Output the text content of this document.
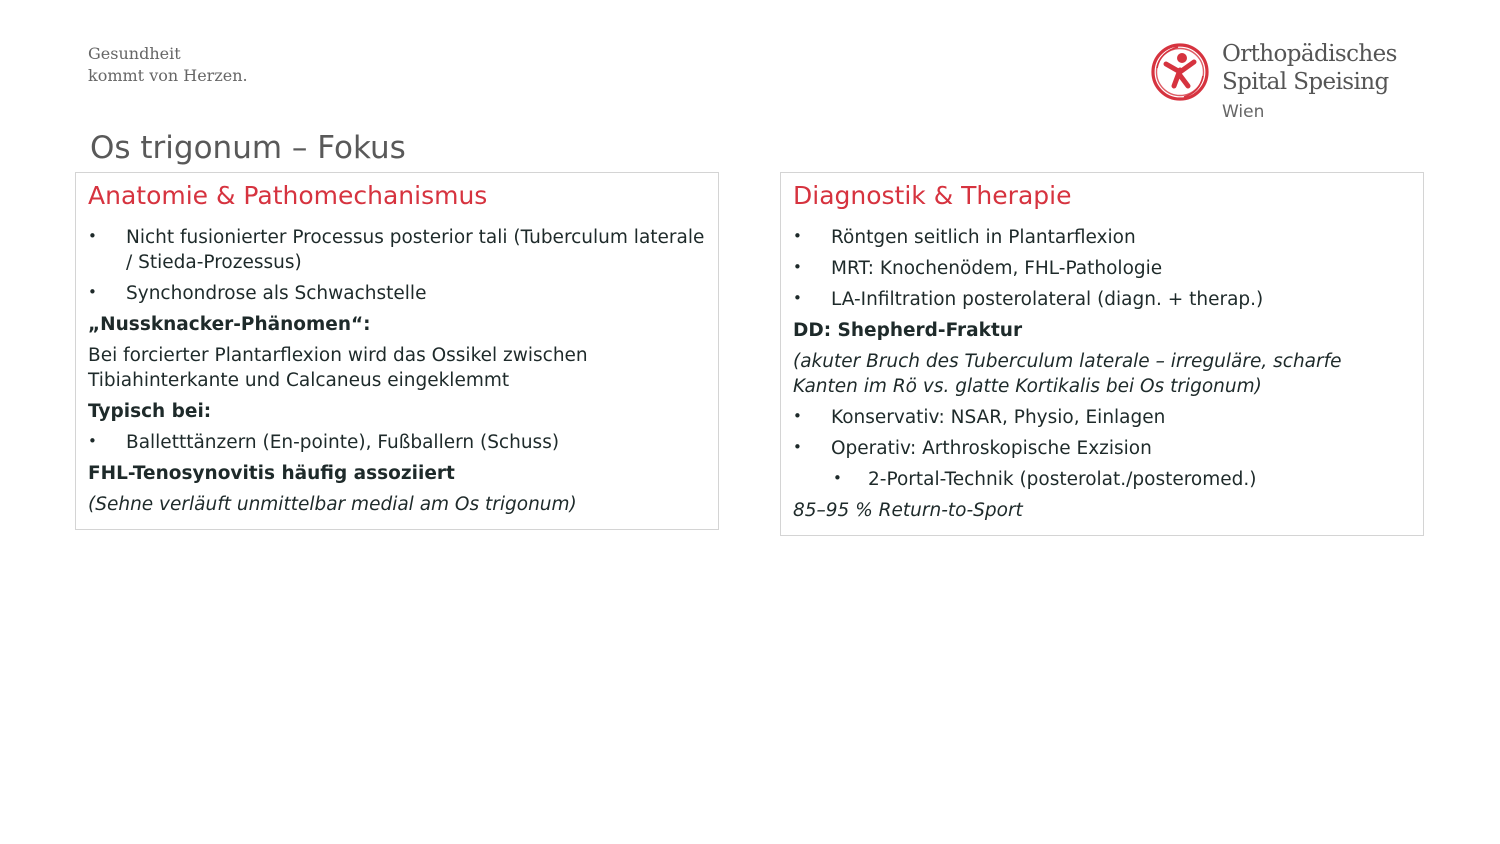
Gesundheit
kommt von Herzen.
Orthopädisches
Spital Speising
Wien
Os trigonum – Fokus
Anatomie & Pathomechanismus
• Nicht fusionierter Processus posterior tali (Tuberculum laterale / Stieda-Prozessus)
• Synchondrose als Schwachstelle
„Nussknacker-Phänomen“:
Bei forcierter Plantarflexion wird das Ossikel zwischen Tibiahinterkante und Calcaneus eingeklemmt
Typisch bei:
• Balletttänzern (En-pointe), Fußballern (Schuss)
FHL-Tenosynovitis häufig assoziiert
(Sehne verläuft unmittelbar medial am Os trigonum)
Diagnostik & Therapie
• Röntgen seitlich in Plantarflexion
• MRT: Knochenödem, FHL-Pathologie
• LA-Infiltration posterolateral (diagn. + therap.)
DD: Shepherd-Fraktur
(akuter Bruch des Tuberculum laterale – irreguläre, scharfe Kanten im Rö vs. glatte Kortikalis bei Os trigonum)
• Konservativ: NSAR, Physio, Einlagen
• Operativ: Arthroskopische Exzision
• 2-Portal-Technik (posterolat./posteromed.)
85–95 % Return-to-Sport
